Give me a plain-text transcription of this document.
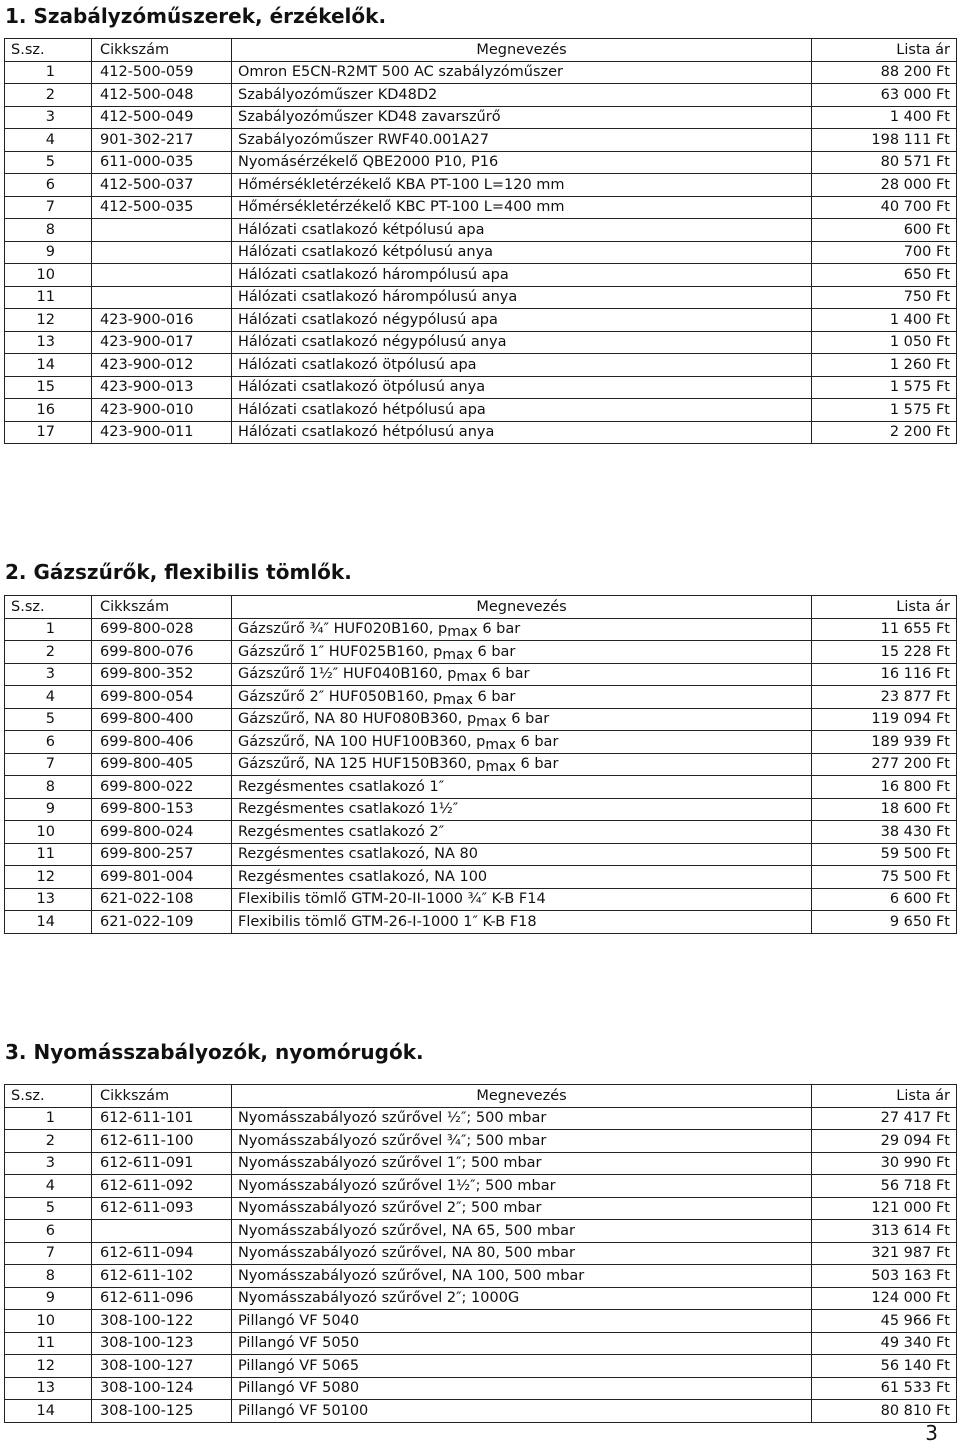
1. Szabályzóműszerek, érzékelők.
S.sz.	Cikkszám	Megnevezés	Lista ár
1	412-500-059	Omron E5CN-R2MT 500 AC szabályzóműszer	88 200 Ft
2	412-500-048	Szabályozóműszer KD48D2	63 000 Ft
3	412-500-049	Szabályozóműszer KD48 zavarszűrő	1 400 Ft
4	901-302-217	Szabályozóműszer RWF40.001A27	198 111 Ft
5	611-000-035	Nyomásérzékelő QBE2000 P10, P16	80 571 Ft
6	412-500-037	Hőmérsékletérzékelő KBA PT-100 L=120 mm	28 000 Ft
7	412-500-035	Hőmérsékletérzékelő KBC PT-100 L=400 mm	40 700 Ft
8		Hálózati csatlakozó kétpólusú apa	600 Ft
9		Hálózati csatlakozó kétpólusú anya	700 Ft
10		Hálózati csatlakozó hárompólusú apa	650 Ft
11		Hálózati csatlakozó hárompólusú anya	750 Ft
12	423-900-016	Hálózati csatlakozó négypólusú apa	1 400 Ft
13	423-900-017	Hálózati csatlakozó négypólusú anya	1 050 Ft
14	423-900-012	Hálózati csatlakozó ötpólusú apa	1 260 Ft
15	423-900-013	Hálózati csatlakozó ötpólusú anya	1 575 Ft
16	423-900-010	Hálózati csatlakozó hétpólusú apa	1 575 Ft
17	423-900-011	Hálózati csatlakozó hétpólusú anya	2 200 Ft
2. Gázszűrők, flexibilis tömlők.
S.sz.	Cikkszám	Megnevezés	Lista ár
1	699-800-028	Gázszűrő ¾″ HUF020B160, $p_{max}$ 6 bar	11 655 Ft
2	699-800-076	Gázszűrő 1″ HUF025B160, $p_{max}$ 6 bar	15 228 Ft
3	699-800-352	Gázszűrő 1½″ HUF040B160, $p_{max}$ 6 bar	16 116 Ft
4	699-800-054	Gázszűrő 2″ HUF050B160, $p_{max}$ 6 bar	23 877 Ft
5	699-800-400	Gázszűrő, NA 80 HUF080B360, $p_{max}$ 6 bar	119 094 Ft
6	699-800-406	Gázszűrő, NA 100 HUF100B360, $p_{max}$ 6 bar	189 939 Ft
7	699-800-405	Gázszűrő, NA 125 HUF150B360, $p_{max}$ 6 bar	277 200 Ft
8	699-800-022	Rezgésmentes csatlakozó 1″	16 800 Ft
9	699-800-153	Rezgésmentes csatlakozó 1½″	18 600 Ft
10	699-800-024	Rezgésmentes csatlakozó 2″	38 430 Ft
11	699-800-257	Rezgésmentes csatlakozó, NA 80	59 500 Ft
12	699-801-004	Rezgésmentes csatlakozó, NA 100	75 500 Ft
13	621-022-108	Flexibilis tömlő GTM-20-II-1000 ¾″ K-B F14	6 600 Ft
14	621-022-109	Flexibilis tömlő GTM-26-I-1000 1″ K-B F18	9 650 Ft
3. Nyomásszabályozók, nyomórugók.
S.sz.	Cikkszám	Megnevezés	Lista ár
1	612-611-101	Nyomásszabályozó szűrővel ½″; 500 mbar	27 417 Ft
2	612-611-100	Nyomásszabályozó szűrővel ¾″; 500 mbar	29 094 Ft
3	612-611-091	Nyomásszabályozó szűrővel 1″; 500 mbar	30 990 Ft
4	612-611-092	Nyomásszabályozó szűrővel 1½″; 500 mbar	56 718 Ft
5	612-611-093	Nyomásszabályozó szűrővel 2″; 500 mbar	121 000 Ft
6		Nyomásszabályozó szűrővel, NA 65, 500 mbar	313 614 Ft
7	612-611-094	Nyomásszabályozó szűrővel, NA 80, 500 mbar	321 987 Ft
8	612-611-102	Nyomásszabályozó szűrővel, NA 100, 500 mbar	503 163 Ft
9	612-611-096	Nyomásszabályozó szűrővel 2″; 1000G	124 000 Ft
10	308-100-122	Pillangó VF 5040	45 966 Ft
11	308-100-123	Pillangó VF 5050	49 340 Ft
12	308-100-127	Pillangó VF 5065	56 140 Ft
13	308-100-124	Pillangó VF 5080	61 533 Ft
14	308-100-125	Pillangó VF 50100	80 810 Ft
3
